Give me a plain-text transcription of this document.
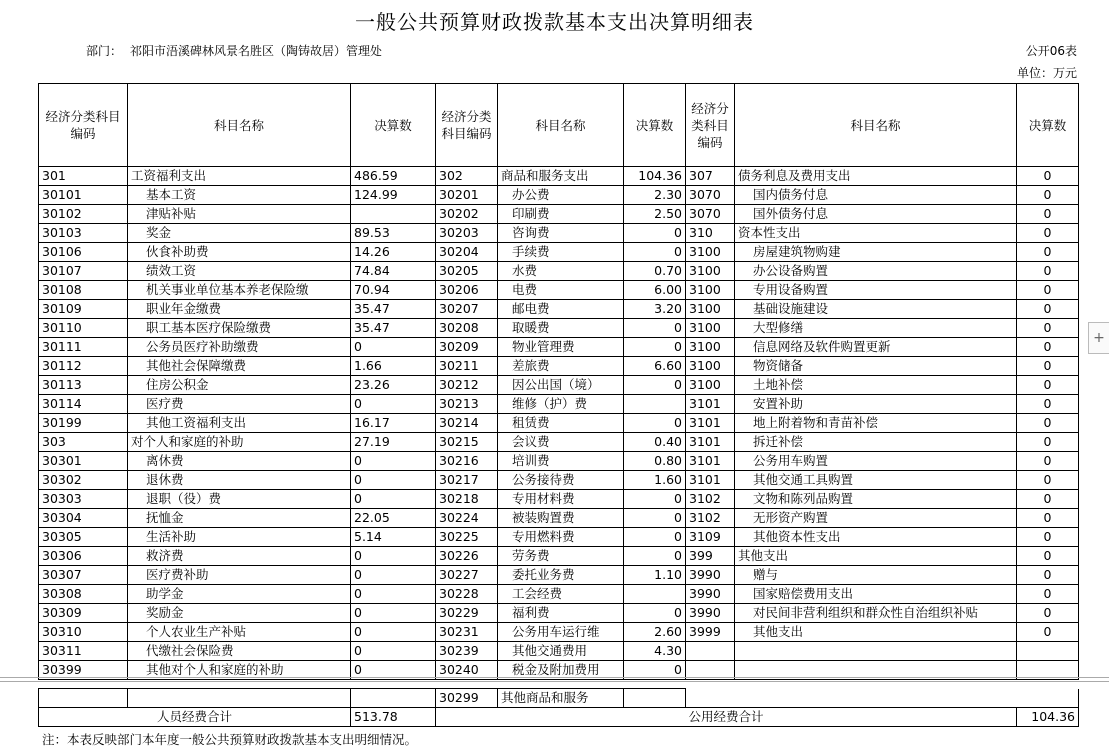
一般公共预算财政拨款基本支出决算明细表
部门： 祁阳市浯溪碑林风景名胜区（陶铸故居）管理处	公开06表
单位：万元
经济分类科目编码	科目名称	决算数	经济分类科目编码	科目名称	决算数	经济分类科目编码	科目名称	决算数
301	工资福利支出	486.59	302	商品和服务支出	104.36	307	债务利息及费用支出	0
30101	基本工资	124.99	30201	办公费	2.30	3070	国内债务付息	0
30102	津贴补贴		30202	印刷费	2.50	3070	国外债务付息	0
30103	奖金	89.53	30203	咨询费	0	310	资本性支出	0
30106	伙食补助费	14.26	30204	手续费	0	3100	房屋建筑物购建	0
30107	绩效工资	74.84	30205	水费	0.70	3100	办公设备购置	0
30108	机关事业单位基本养老保险缴	70.94	30206	电费	6.00	3100	专用设备购置	0
30109	职业年金缴费	35.47	30207	邮电费	3.20	3100	基础设施建设	0
30110	职工基本医疗保险缴费	35.47	30208	取暖费	0	3100	大型修缮	0
30111	公务员医疗补助缴费	0	30209	物业管理费	0	3100	信息网络及软件购置更新	0
30112	其他社会保障缴费	1.66	30211	差旅费	6.60	3100	物资储备	0
30113	住房公积金	23.26	30212	因公出国（境）	0	3100	土地补偿	0
30114	医疗费	0	30213	维修（护）费		3101	安置补助	0
30199	其他工资福利支出	16.17	30214	租赁费	0	3101	地上附着物和青苗补偿	0
303	对个人和家庭的补助	27.19	30215	会议费	0.40	3101	拆迁补偿	0
30301	离休费	0	30216	培训费	0.80	3101	公务用车购置	0
30302	退休费	0	30217	公务接待费	1.60	3101	其他交通工具购置	0
30303	退职（役）费	0	30218	专用材料费	0	3102	文物和陈列品购置	0
30304	抚恤金	22.05	30224	被装购置费	0	3102	无形资产购置	0
30305	生活补助	5.14	30225	专用燃料费	0	3109	其他资本性支出	0
30306	救济费	0	30226	劳务费	0	399	其他支出	0
30307	医疗费补助	0	30227	委托业务费	1.10	3990	赠与	0
30308	助学金	0	30228	工会经费		3990	国家赔偿费用支出	0
30309	奖励金	0	30229	福利费	0	3990	对民间非营利组织和群众性自治组织补贴	0
30310	个人农业生产补贴	0	30231	公务用车运行维	2.60	3999	其他支出	0
30311	代缴社会保险费	0	30239	其他交通费用	4.30			
30399	其他对个人和家庭的补助	0	30240	税金及附加费用	0			
			30299	其他商品和服务				
人员经费合计		513.78	公用经费合计					104.36
注：本表反映部门本年度一般公共预算财政拨款基本支出明细情况。
+
